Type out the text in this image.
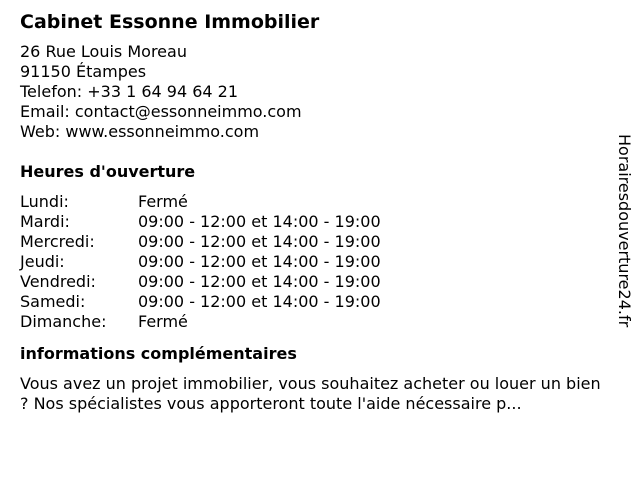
Cabinet Essonne Immobilier
26 Rue Louis Moreau
91150 Étampes
Telefon: +33 1 64 94 64 21
Email: contact@essonneimmo.com
Web: www.essonneimmo.com
Heures d'ouverture
Lundi:	Fermé
Mardi:	09:00 - 12:00 et 14:00 - 19:00
Mercredi:	09:00 - 12:00 et 14:00 - 19:00
Jeudi:	09:00 - 12:00 et 14:00 - 19:00
Vendredi:	09:00 - 12:00 et 14:00 - 19:00
Samedi:	09:00 - 12:00 et 14:00 - 19:00
Dimanche:	Fermé
informations complémentaires

Vous avez un projet immobilier, vous souhaitez acheter ou louer un bien ? Nos spécialistes vous apporteront toute l'aide nécessaire p...

Horairesdouverture24.fr
